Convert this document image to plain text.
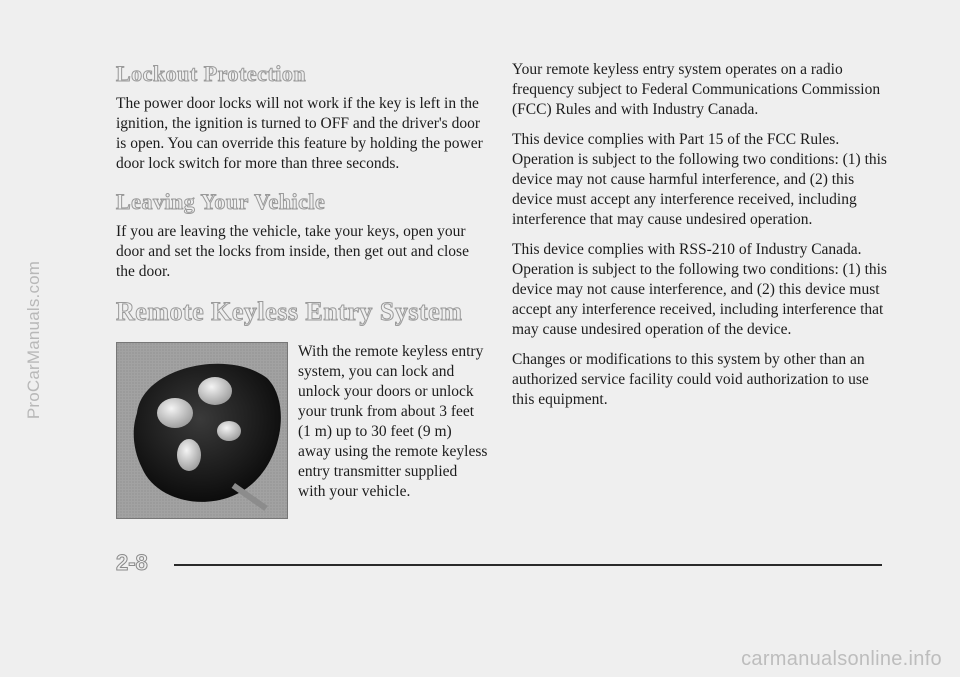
ProCarManuals.com
Lockout Protection

The power door locks will not work if the key is left in the ignition, the ignition is turned to OFF and the driver's door is open. You can override this feature by holding the power door lock switch for more than three seconds.

Leaving Your Vehicle

If you are leaving the vehicle, take your keys, open your door and set the locks from inside, then get out and close the door.

Remote Keyless Entry System

With the remote keyless entry system, you can lock and unlock your doors or unlock your trunk from about 3 feet (1 m) up to 30 feet (9 m) away using the remote keyless entry transmitter supplied with your vehicle.

Your remote keyless entry system operates on a radio frequency subject to Federal Communications Commission (FCC) Rules and with Industry Canada.

This device complies with Part 15 of the FCC Rules. Operation is subject to the following two conditions: (1) this device may not cause harmful interference, and (2) this device must accept any interference received, including interference that may cause undesired operation.

This device complies with RSS-210 of Industry Canada. Operation is subject to the following two conditions: (1) this device may not cause interference, and (2) this device must accept any interference received, including interference that may cause undesired operation of the device.

Changes or modifications to this system by other than an authorized service facility could void authorization to use this equipment.

2-8
carmanualsonline.info
